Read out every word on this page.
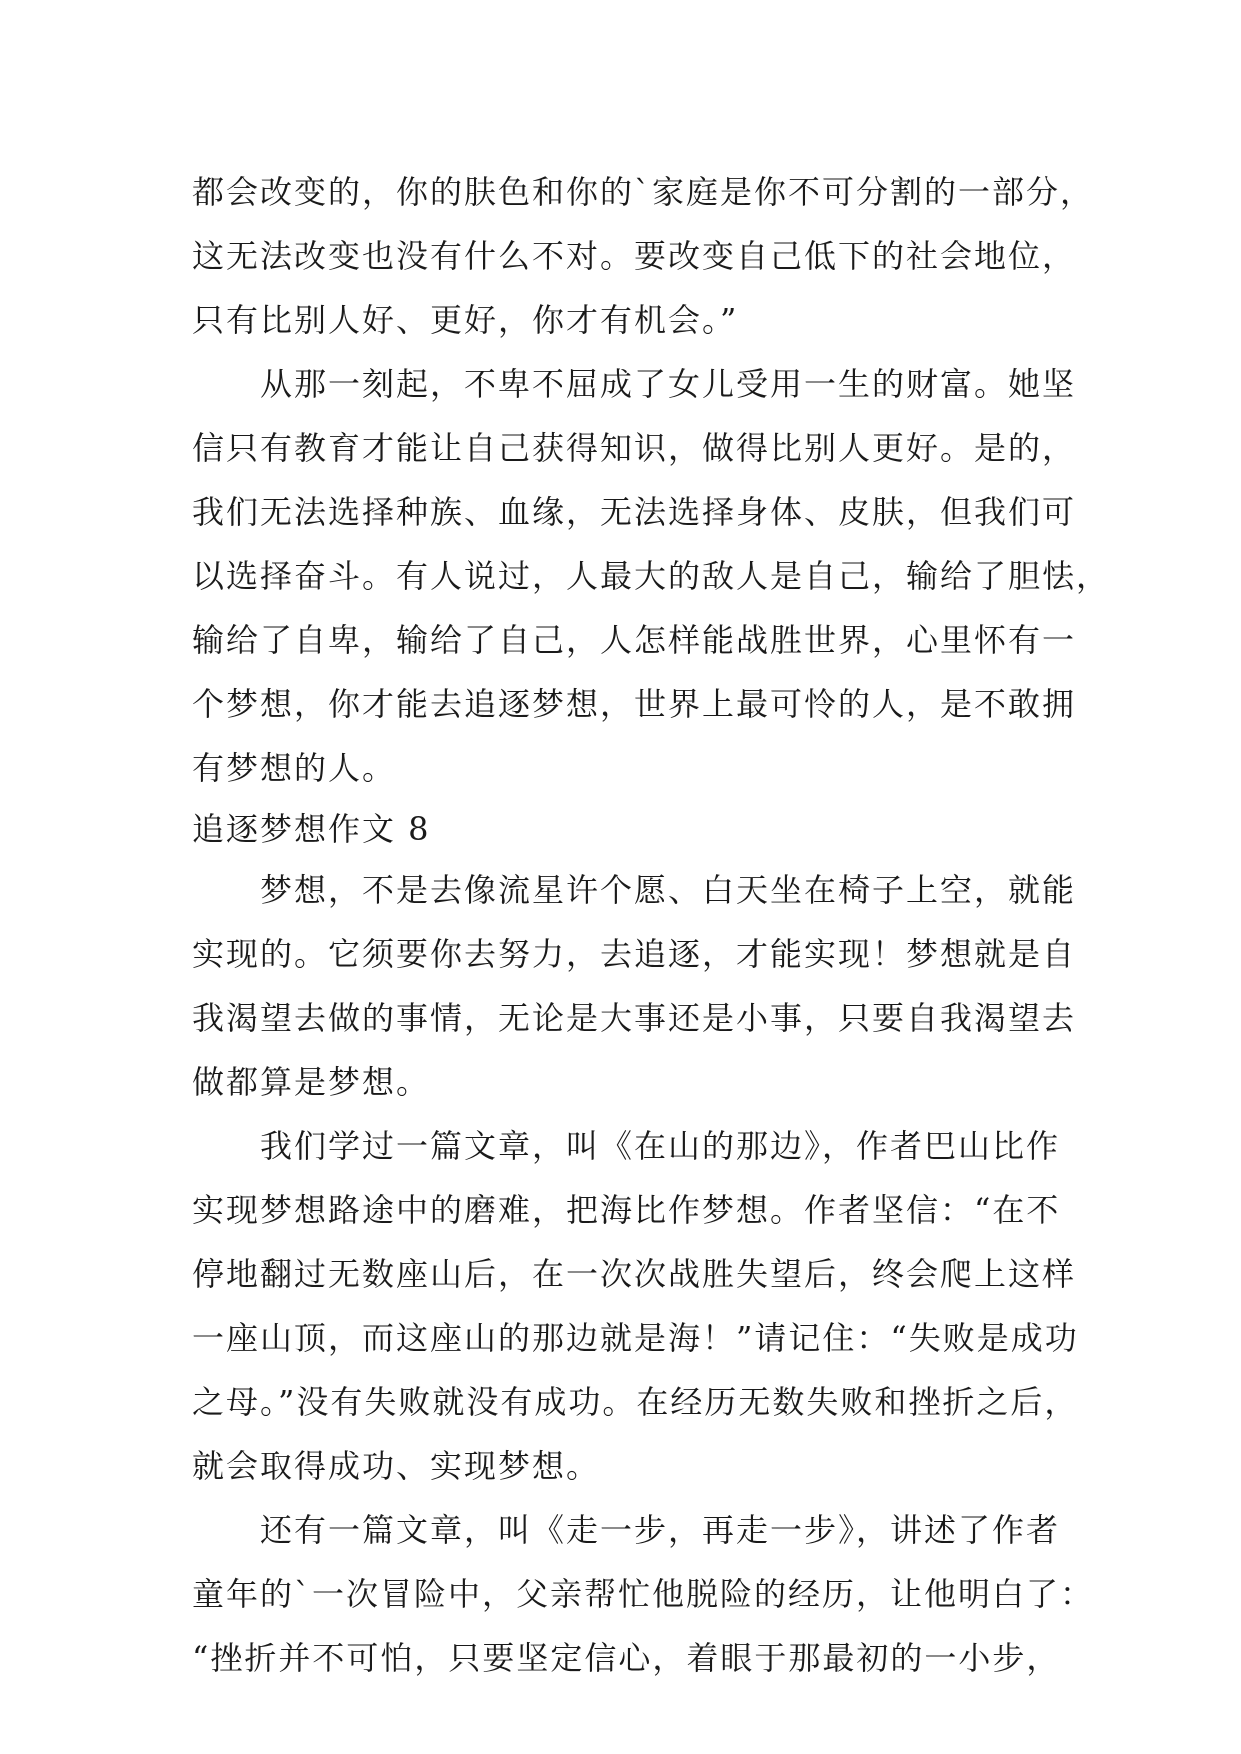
都会改变的，你的肤色和你的`家庭是你不可分割的一部分，
这无法改变也没有什么不对。要改变自己低下的社会地位，
只有比别人好、更好，你才有机会。”
从那一刻起，不卑不屈成了女儿受用一生的财富。她坚
信只有教育才能让自己获得知识，做得比别人更好。是的，
我们无法选择种族、血缘，无法选择身体、皮肤，但我们可
以选择奋斗。有人说过，人最大的敌人是自己，输给了胆怯，
输给了自卑，输给了自己，人怎样能战胜世界，心里怀有一
个梦想，你才能去追逐梦想，世界上最可怜的人，是不敢拥
有梦想的人。
追逐梦想作文 8
梦想，不是去像流星许个愿、白天坐在椅子上空，就能
实现的。它须要你去努力，去追逐，才能实现！梦想就是自
我渴望去做的事情，无论是大事还是小事，只要自我渴望去
做都算是梦想。
我们学过一篇文章，叫《在山的那边》，作者巴山比作
实现梦想路途中的磨难，把海比作梦想。作者坚信：“在不
停地翻过无数座山后，在一次次战胜失望后，终会爬上这样
一座山顶，而这座山的那边就是海！”请记住：“失败是成功
之母。”没有失败就没有成功。在经历无数失败和挫折之后，
就会取得成功、实现梦想。
还有一篇文章，叫《走一步，再走一步》，讲述了作者
童年的`一次冒险中，父亲帮忙他脱险的经历，让他明白了：
“挫折并不可怕，只要坚定信心，着眼于那最初的一小步，
